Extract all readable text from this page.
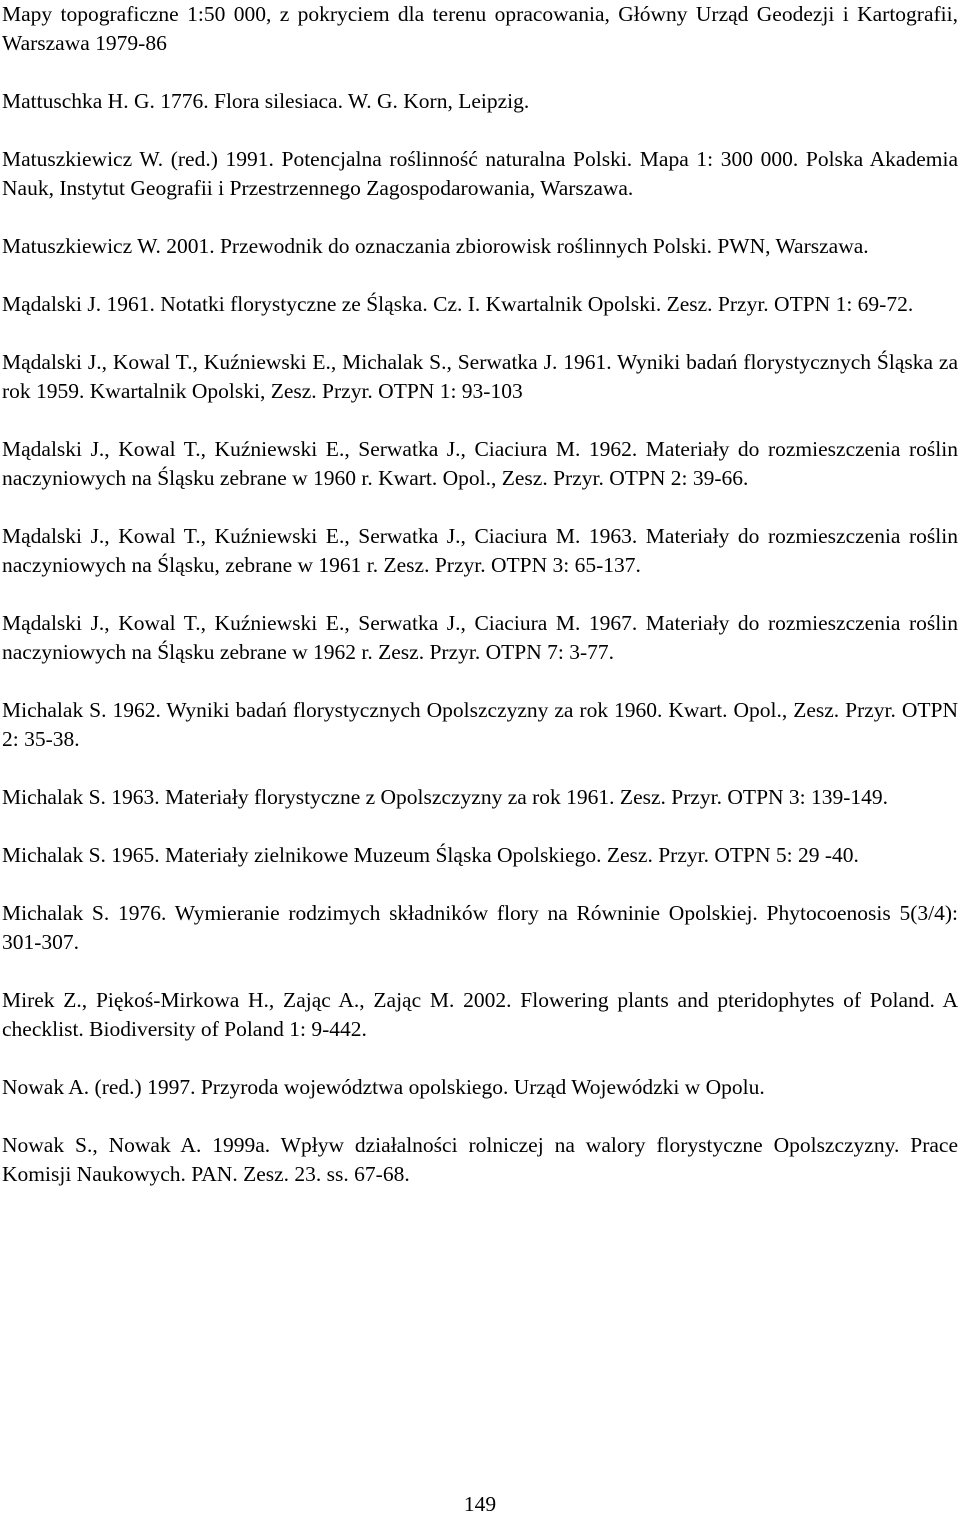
Mapy topograficzne 1:50 000, z pokryciem dla terenu opracowania, Główny Urząd Geodezji i Kartografii, Warszawa 1979-86
Mattuschka H. G. 1776. Flora silesiaca. W. G. Korn, Leipzig.
Matuszkiewicz W. (red.) 1991. Potencjalna roślinność naturalna Polski. Mapa 1: 300 000. Polska Akademia Nauk, Instytut Geografii i Przestrzennego Zagospodarowania, Warszawa.
Matuszkiewicz W. 2001. Przewodnik do oznaczania zbiorowisk roślinnych Polski. PWN, Warszawa.
Mądalski J. 1961. Notatki florystyczne ze Śląska. Cz. I. Kwartalnik Opolski. Zesz. Przyr. OTPN 1: 69-72.
Mądalski J., Kowal T., Kuźniewski E., Michalak S., Serwatka J. 1961. Wyniki badań florystycznych Śląska za rok 1959. Kwartalnik Opolski, Zesz. Przyr. OTPN 1: 93-103
Mądalski J., Kowal T., Kuźniewski E., Serwatka J., Ciaciura M. 1962. Materiały do rozmieszczenia roślin naczyniowych na Śląsku zebrane w 1960 r. Kwart. Opol., Zesz. Przyr. OTPN 2: 39-66.
Mądalski J., Kowal T., Kuźniewski E., Serwatka J., Ciaciura M. 1963. Materiały do rozmieszczenia roślin naczyniowych na Śląsku, zebrane w 1961 r. Zesz. Przyr. OTPN 3: 65-137.
Mądalski J., Kowal T., Kuźniewski E., Serwatka J., Ciaciura M. 1967. Materiały do rozmieszczenia roślin naczyniowych na Śląsku zebrane w 1962 r. Zesz. Przyr. OTPN 7: 3-77.
Michalak S. 1962. Wyniki badań florystycznych Opolszczyzny za rok 1960. Kwart. Opol., Zesz. Przyr. OTPN 2: 35-38.
Michalak S. 1963. Materiały florystyczne z Opolszczyzny za rok 1961. Zesz. Przyr. OTPN 3: 139-149.
Michalak S. 1965. Materiały zielnikowe Muzeum Śląska Opolskiego. Zesz. Przyr. OTPN 5: 29 -40.
Michalak S. 1976. Wymieranie rodzimych składników flory na Równinie Opolskiej. Phytocoenosis 5(3/4): 301-307.
Mirek Z., Piękoś-Mirkowa H., Zając A., Zając M. 2002. Flowering plants and pteridophytes of Poland. A checklist. Biodiversity of Poland 1: 9-442.
Nowak A. (red.) 1997. Przyroda województwa opolskiego. Urząd Wojewódzki w Opolu.
Nowak S., Nowak A. 1999a. Wpływ działalności rolniczej na walory florystyczne Opolszczyzny. Prace Komisji Naukowych. PAN. Zesz. 23. ss. 67-68.
149
